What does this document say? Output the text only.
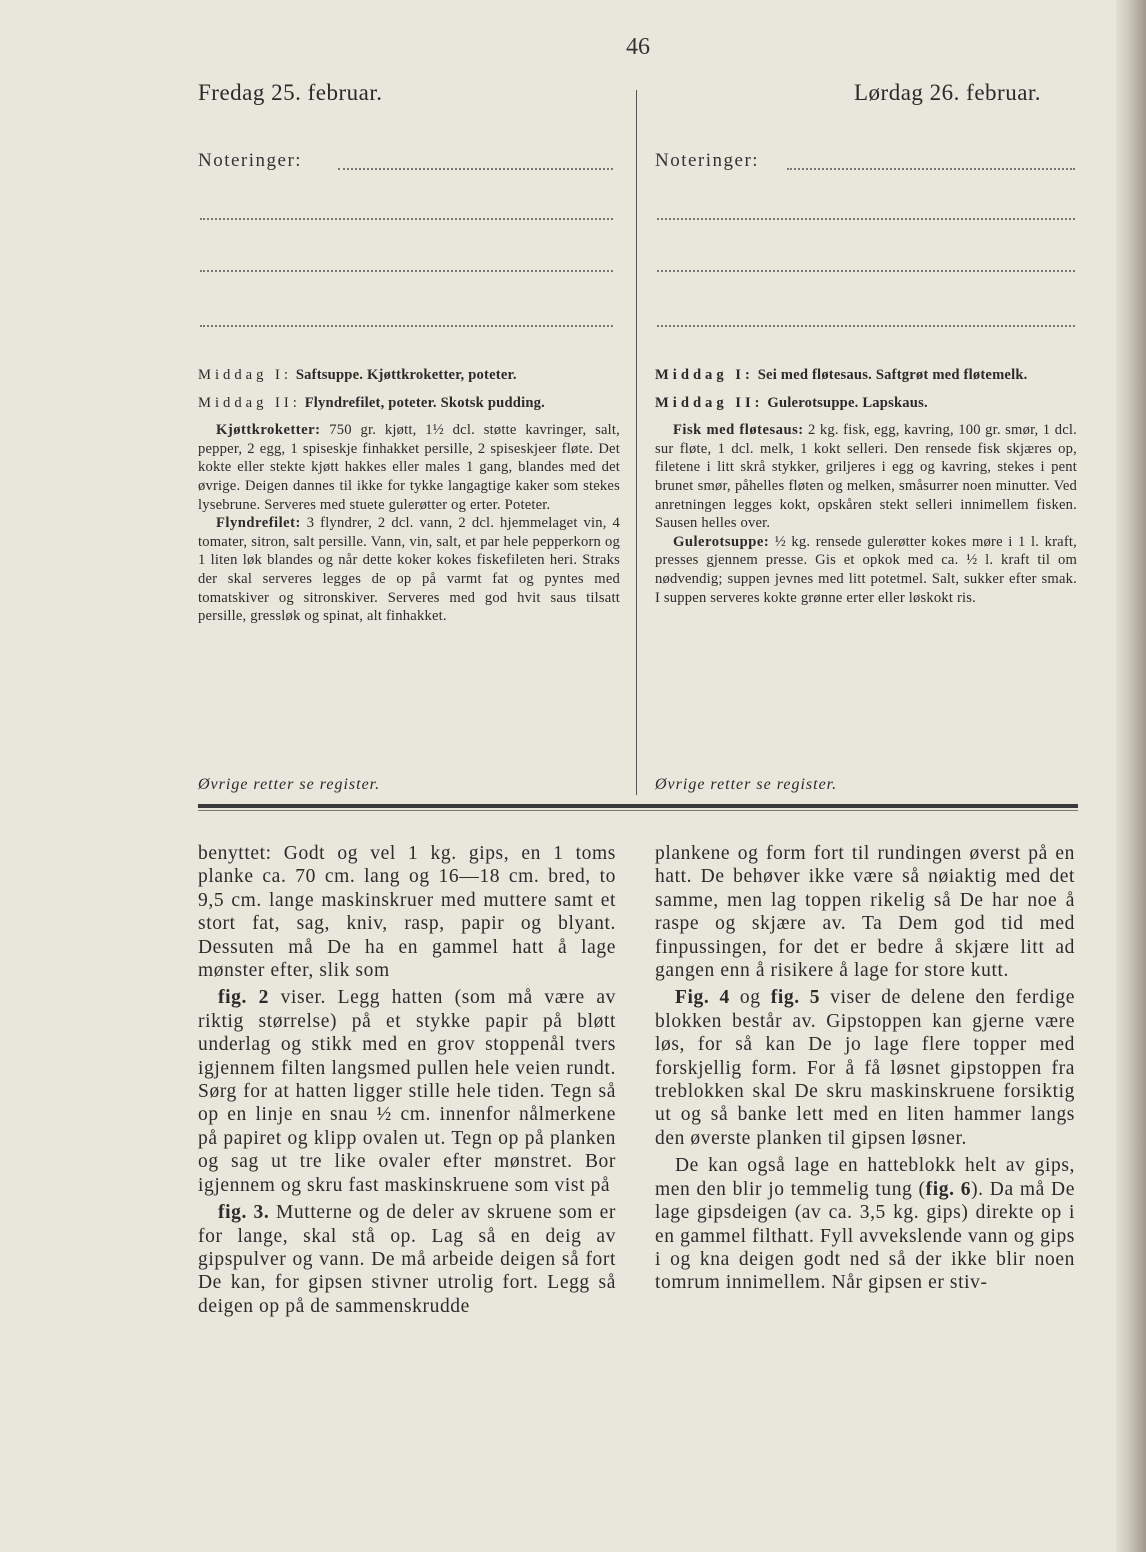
46
Fredag 25. februar.	Lørdag 26. februar.
Noteringer:	Noteringer:

Middag I: Saftsuppe. Kjøttkroketter, poteter.

Middag II: Flyndrefilet, poteter. Skotsk pudding.

Kjøttkroketter: 750 gr. kjøtt, 1½ dcl. støtte kavringer, salt, pepper, 2 egg, 1 spiseskje finhakket persille, 2 spiseskjeer fløte. Det kokte eller stekte kjøtt hakkes eller males 1 gang, blandes med det øvrige. Deigen dannes til ikke for tykke langagtige kaker som stekes lysebrune. Serveres med stuete gulerøtter og erter. Poteter.

Flyndrefilet: 3 flyndrer, 2 dcl. vann, 2 dcl. hjemmelaget vin, 4 tomater, sitron, salt persille. Vann, vin, salt, et par hele pepperkorn og 1 liten løk blandes og når dette koker kokes fiskefileten heri. Straks der skal serveres legges de op på varmt fat og pyntes med tomatskiver og sitronskiver. Serveres med god hvit saus tilsatt persille, gressløk og spinat, alt finhakket.

Middag I: Sei med fløtesaus. Saftgrøt med fløtemelk.

Middag II: Gulerotsuppe. Lapskaus.

Fisk med fløtesaus: 2 kg. fisk, egg, kavring, 100 gr. smør, 1 dcl. sur fløte, 1 dcl. melk, 1 kokt selleri. Den rensede fisk skjæres op, filetene i litt skrå stykker, griljeres i egg og kavring, stekes i pent brunet smør, påhelles fløten og melken, småsurrer noen minutter. Ved anretningen legges kokt, opskåren stekt selleri innimellem fisken. Sausen helles over.

Gulerotsuppe: ½ kg. rensede gulerøtter kokes møre i 1 l. kraft, presses gjennem presse. Gis et opkok med ca. ½ l. kraft til om nødvendig; suppen jevnes med litt potetmel. Salt, sukker efter smak. I suppen serveres kokte grønne erter eller løskokt ris.

Øvrige retter se register.	Øvrige retter se register.

benyttet: Godt og vel 1 kg. gips, en 1 toms planke ca. 70 cm. lang og 16—18 cm. bred, to 9,5 cm. lange maskinskruer med muttere samt et stort fat, sag, kniv, rasp, papir og blyant. Dessuten må De ha en gammel hatt å lage mønster efter, slik som

fig. 2 viser. Legg hatten (som må være av riktig størrelse) på et stykke papir på bløtt underlag og stikk med en grov stoppenål tvers igjennem filten langsmed pullen hele veien rundt. Sørg for at hatten ligger stille hele tiden. Tegn så op en linje en snau ½ cm. innenfor nålmerkene på papiret og klipp ovalen ut. Tegn op på planken og sag ut tre like ovaler efter mønstret. Bor igjennem og skru fast maskinskruene som vist på

fig. 3. Mutterne og de deler av skruene som er for lange, skal stå op. Lag så en deig av gipspulver og vann. De må arbeide deigen så fort De kan, for gipsen stivner utrolig fort. Legg så deigen op på de sammenskrudde

plankene og form fort til rundingen øverst på en hatt. De behøver ikke være så nøiaktig med det samme, men lag toppen rikelig så De har noe å raspe og skjære av. Ta Dem god tid med finpussingen, for det er bedre å skjære litt ad gangen enn å risikere å lage for store kutt.

Fig. 4 og fig. 5 viser de delene den ferdige blokken består av. Gipstoppen kan gjerne være løs, for så kan De jo lage flere topper med forskjellig form. For å få løsnet gipstoppen fra treblokken skal De skru maskinskruene forsiktig ut og så banke lett med en liten hammer langs den øverste planken til gipsen løsner.

De kan også lage en hatteblokk helt av gips, men den blir jo temmelig tung (fig. 6). Da må De lage gipsdeigen (av ca. 3,5 kg. gips) direkte op i en gammel filthatt. Fyll avvekslende vann og gips i og kna deigen godt ned så der ikke blir noen tomrum innimellem. Når gipsen er stiv-
